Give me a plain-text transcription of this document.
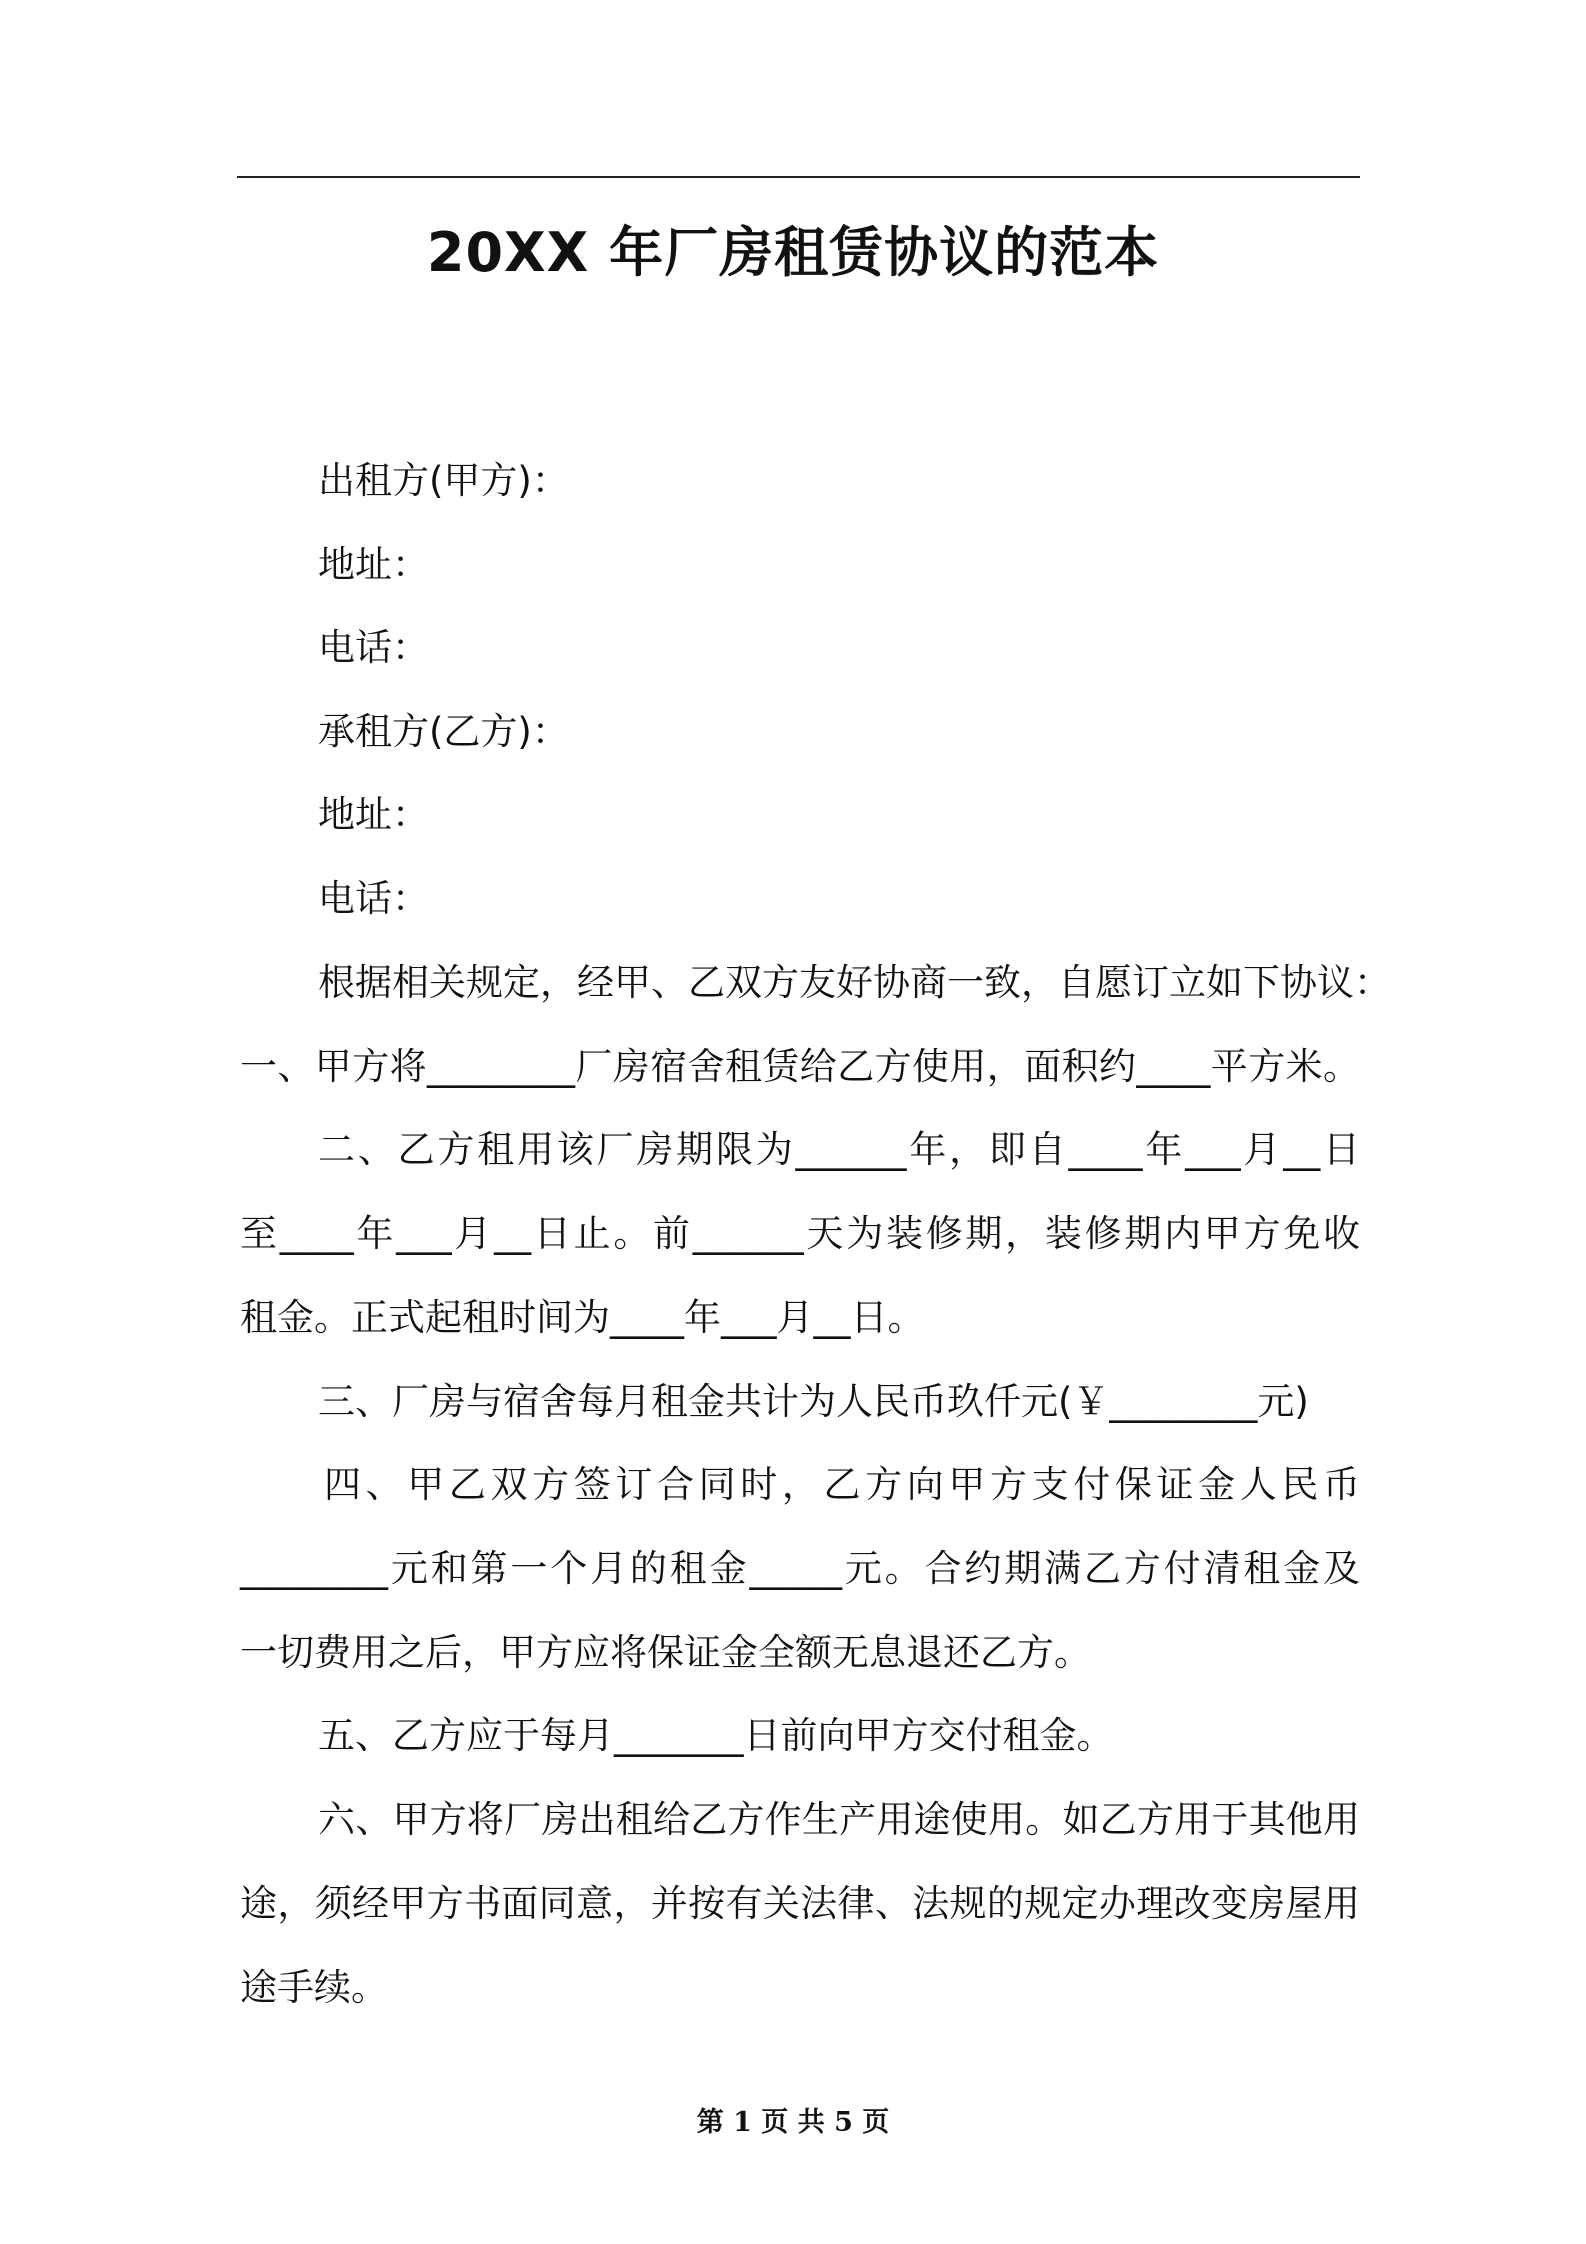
20XX 年厂房租赁协议的范本
出租方(甲方)：
地址：
电话：
承租方(乙方)：
地址：
电话：
根据相关规定，经甲、乙双方友好协商一致，自愿订立如下协议：
一、甲方将________厂房宿舍租赁给乙方使用，面积约____平方米。
二、乙方租用该厂房期限为______年，即自____年___月__日
至____年___月__日止。前______天为装修期，装修期内甲方免收
租金。正式起租时间为____年___月__日。
三、厂房与宿舍每月租金共计为人民币玖仟元(￥________元)
四、甲乙双方签订合同时，乙方向甲方支付保证金人民币
________元和第一个月的租金_____元。合约期满乙方付清租金及
一切费用之后，甲方应将保证金全额无息退还乙方。
五、乙方应于每月_______日前向甲方交付租金。
六、甲方将厂房出租给乙方作生产用途使用。如乙方用于其他用
途，须经甲方书面同意，并按有关法律、法规的规定办理改变房屋用
途手续。
第 1 页 共 5 页
